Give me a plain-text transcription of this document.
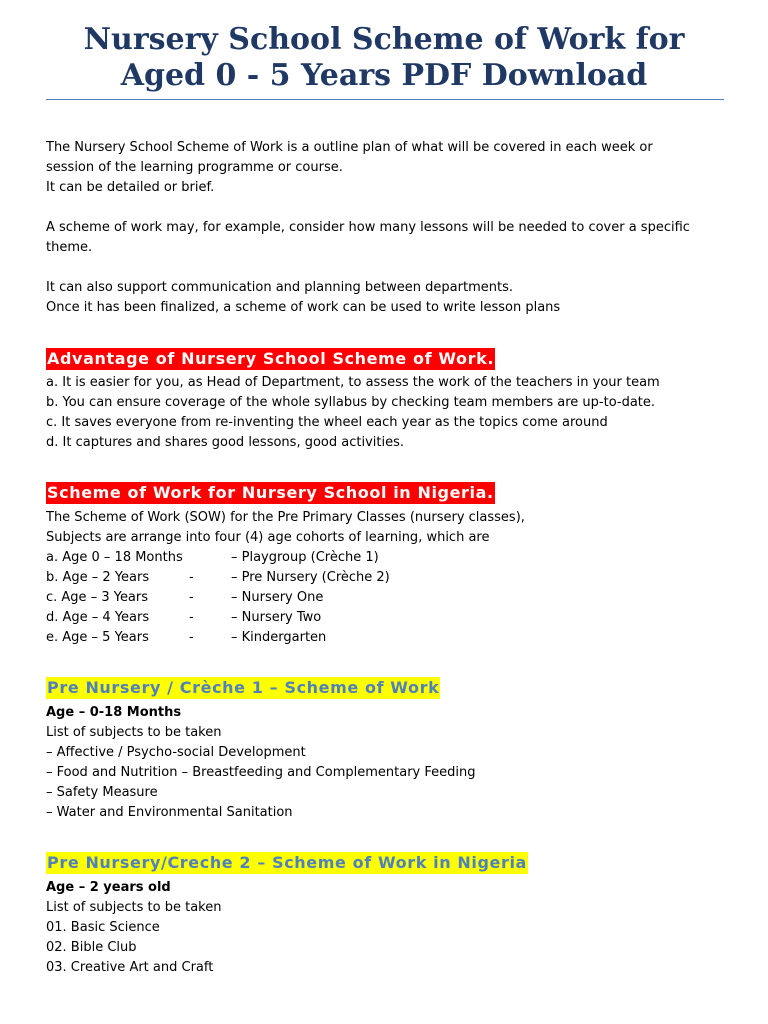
Nursery School Scheme of Work for
Aged 0 - 5 Years PDF Download

The Nursery School Scheme of Work is a outline plan of what will be covered in each week or

session of the learning programme or course.

It can be detailed or brief.

A scheme of work may, for example, consider how many lessons will be needed to cover a specific

theme.

It can also support communication and planning between departments.

Once it has been finalized, a scheme of work can be used to write lesson plans

Advantage of Nursery School Scheme of Work.

a. It is easier for you, as Head of Department, to assess the work of the teachers in your team

b. You can ensure coverage of the whole syllabus by checking team members are up-to-date.

c. It saves everyone from re-inventing the wheel each year as the topics come around

d. It captures and shares good lessons, good activities.

Scheme of Work for Nursery School in Nigeria.

The Scheme of Work (SOW) for the Pre Primary Classes (nursery classes),

Subjects are arrange into four (4) age cohorts of learning, which are

a. Age 0 – 18 Months	– Playgroup (Crèche 1)
b. Age – 2 Years	-	– Pre Nursery (Crèche 2)
c. Age – 3 Years	-	– Nursery One
d. Age – 4 Years	-	– Nursery Two
e. Age – 5 Years	-	– Kindergarten
Pre Nursery / Crèche 1 – Scheme of Work

Age – 0-18 Months

List of subjects to be taken

– Affective / Psycho-social Development

– Food and Nutrition – Breastfeeding and Complementary Feeding

– Safety Measure

– Water and Environmental Sanitation

Pre Nursery/Creche 2 – Scheme of Work in Nigeria

Age – 2 years old

List of subjects to be taken

01. Basic Science

02. Bible Club

03. Creative Art and Craft
